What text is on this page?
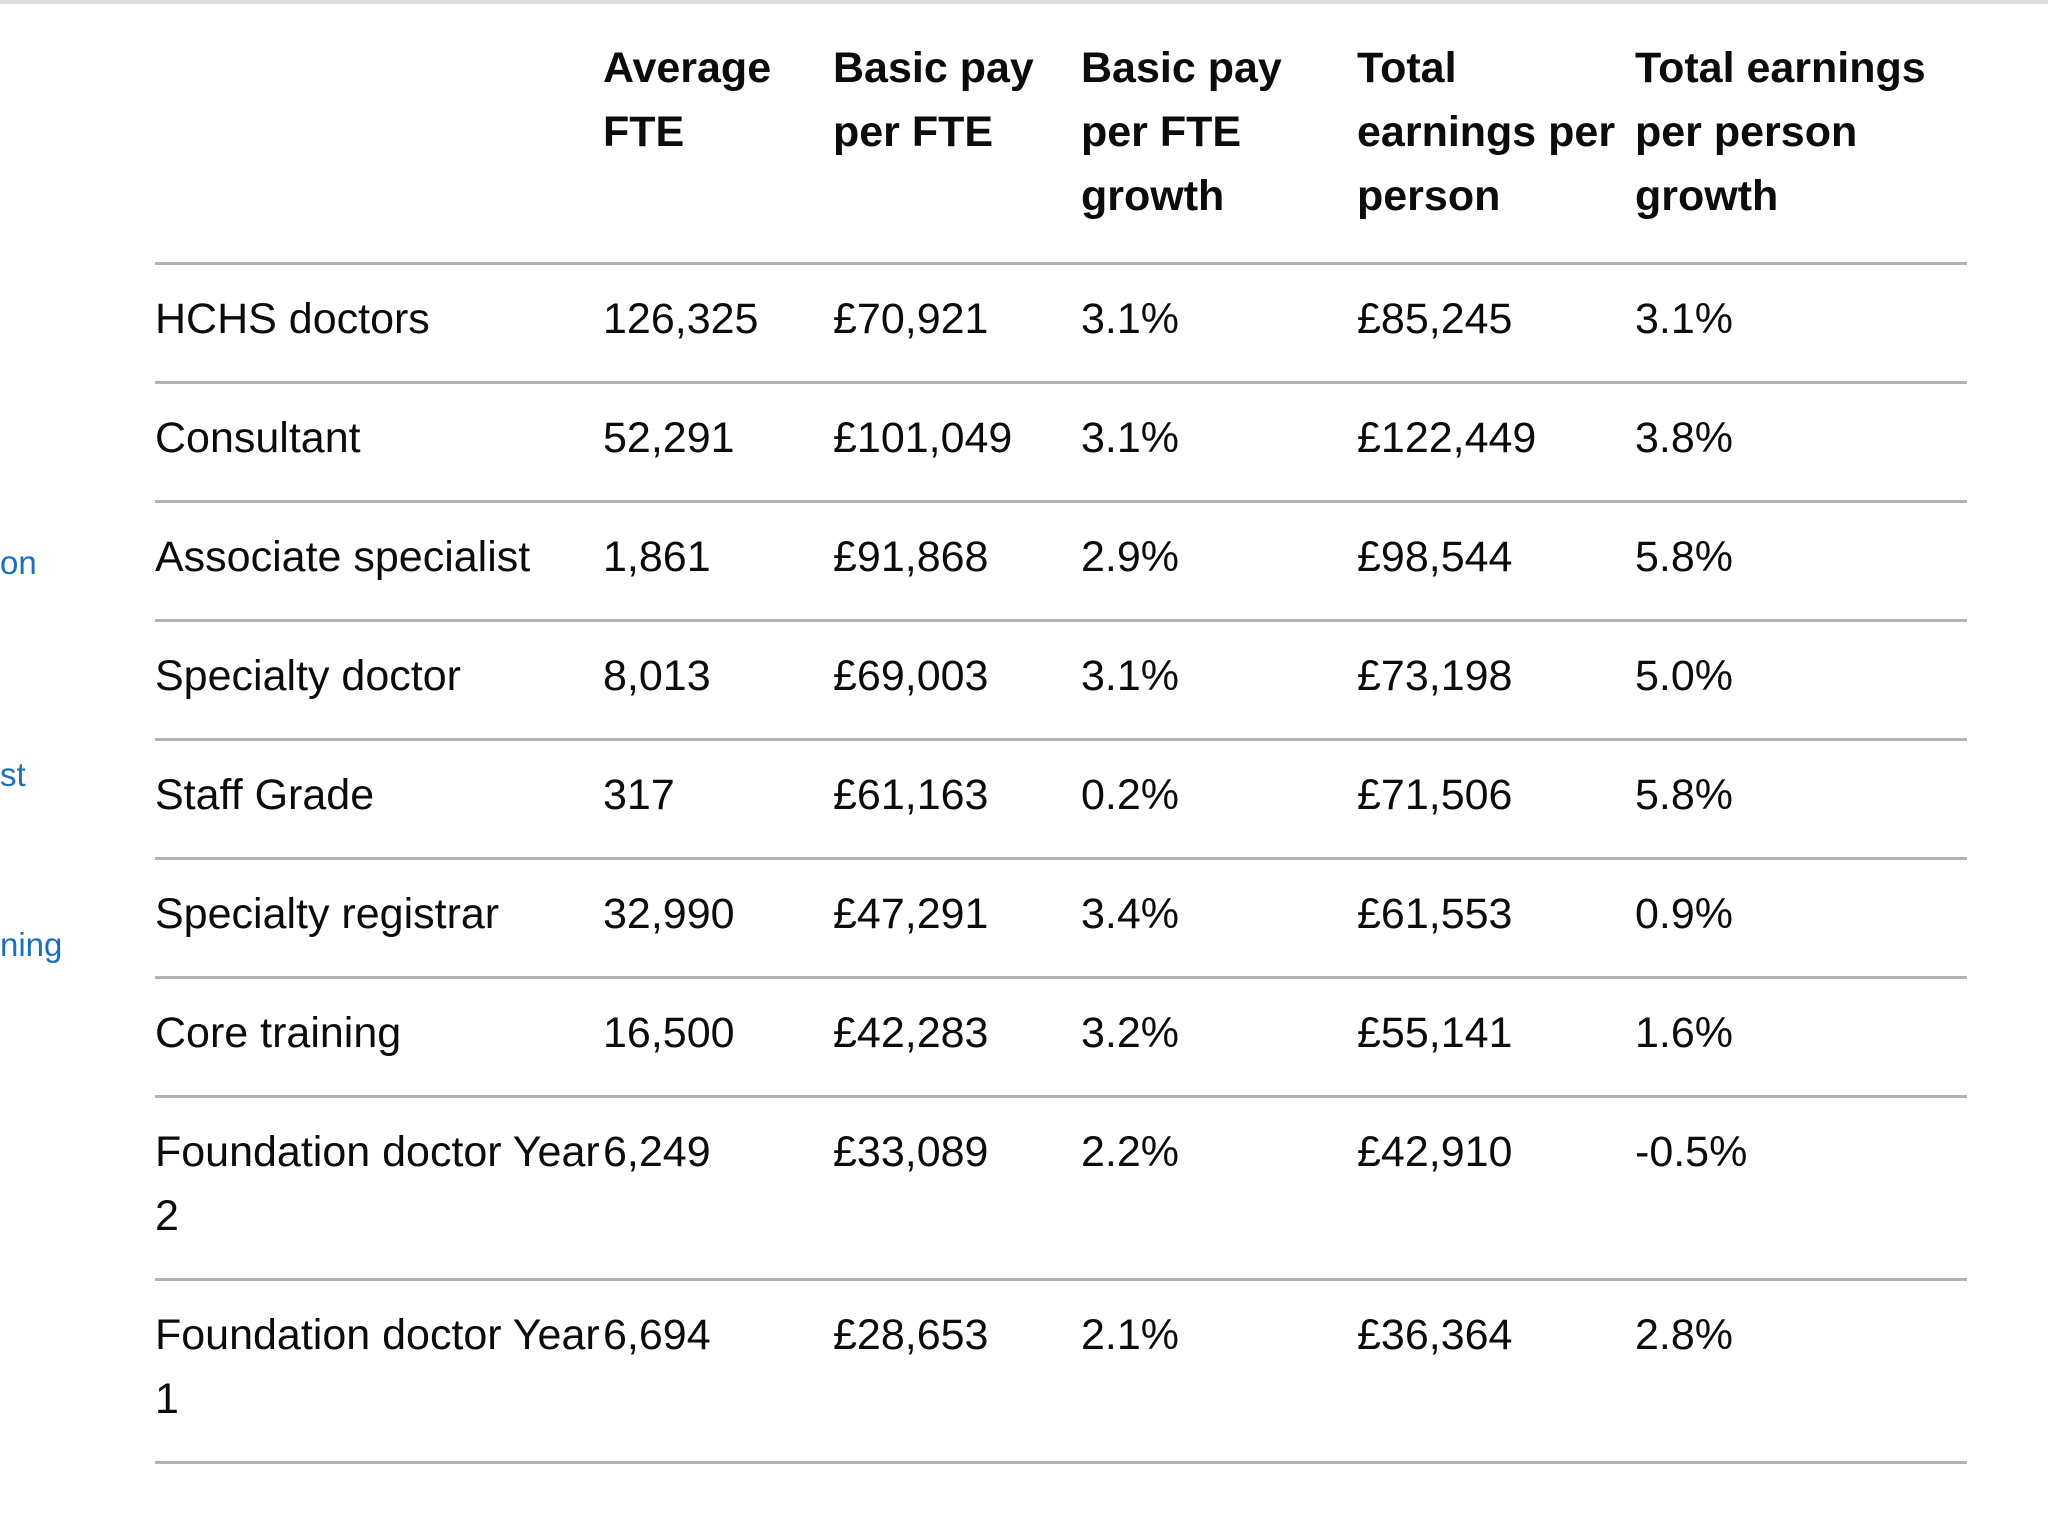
on
st
ning
	Average FTE	Basic pay per FTE	Basic pay per FTE growth	Total earnings per person	Total earnings per person growth
HCHS doctors	126,325	£70,921	3.1%	£85,245	3.1%
Consultant	52,291	£101,049	3.1%	£122,449	3.8%
Associate specialist	1,861	£91,868	2.9%	£98,544	5.8%
Specialty doctor	8,013	£69,003	3.1%	£73,198	5.0%
Staff Grade	317	£61,163	0.2%	£71,506	5.8%
Specialty registrar	32,990	£47,291	3.4%	£61,553	0.9%
Core training	16,500	£42,283	3.2%	£55,141	1.6%
Foundation doctor Year 2	6,249	£33,089	2.2%	£42,910	-0.5%
Foundation doctor Year 1	6,694	£28,653	2.1%	£36,364	2.8%
